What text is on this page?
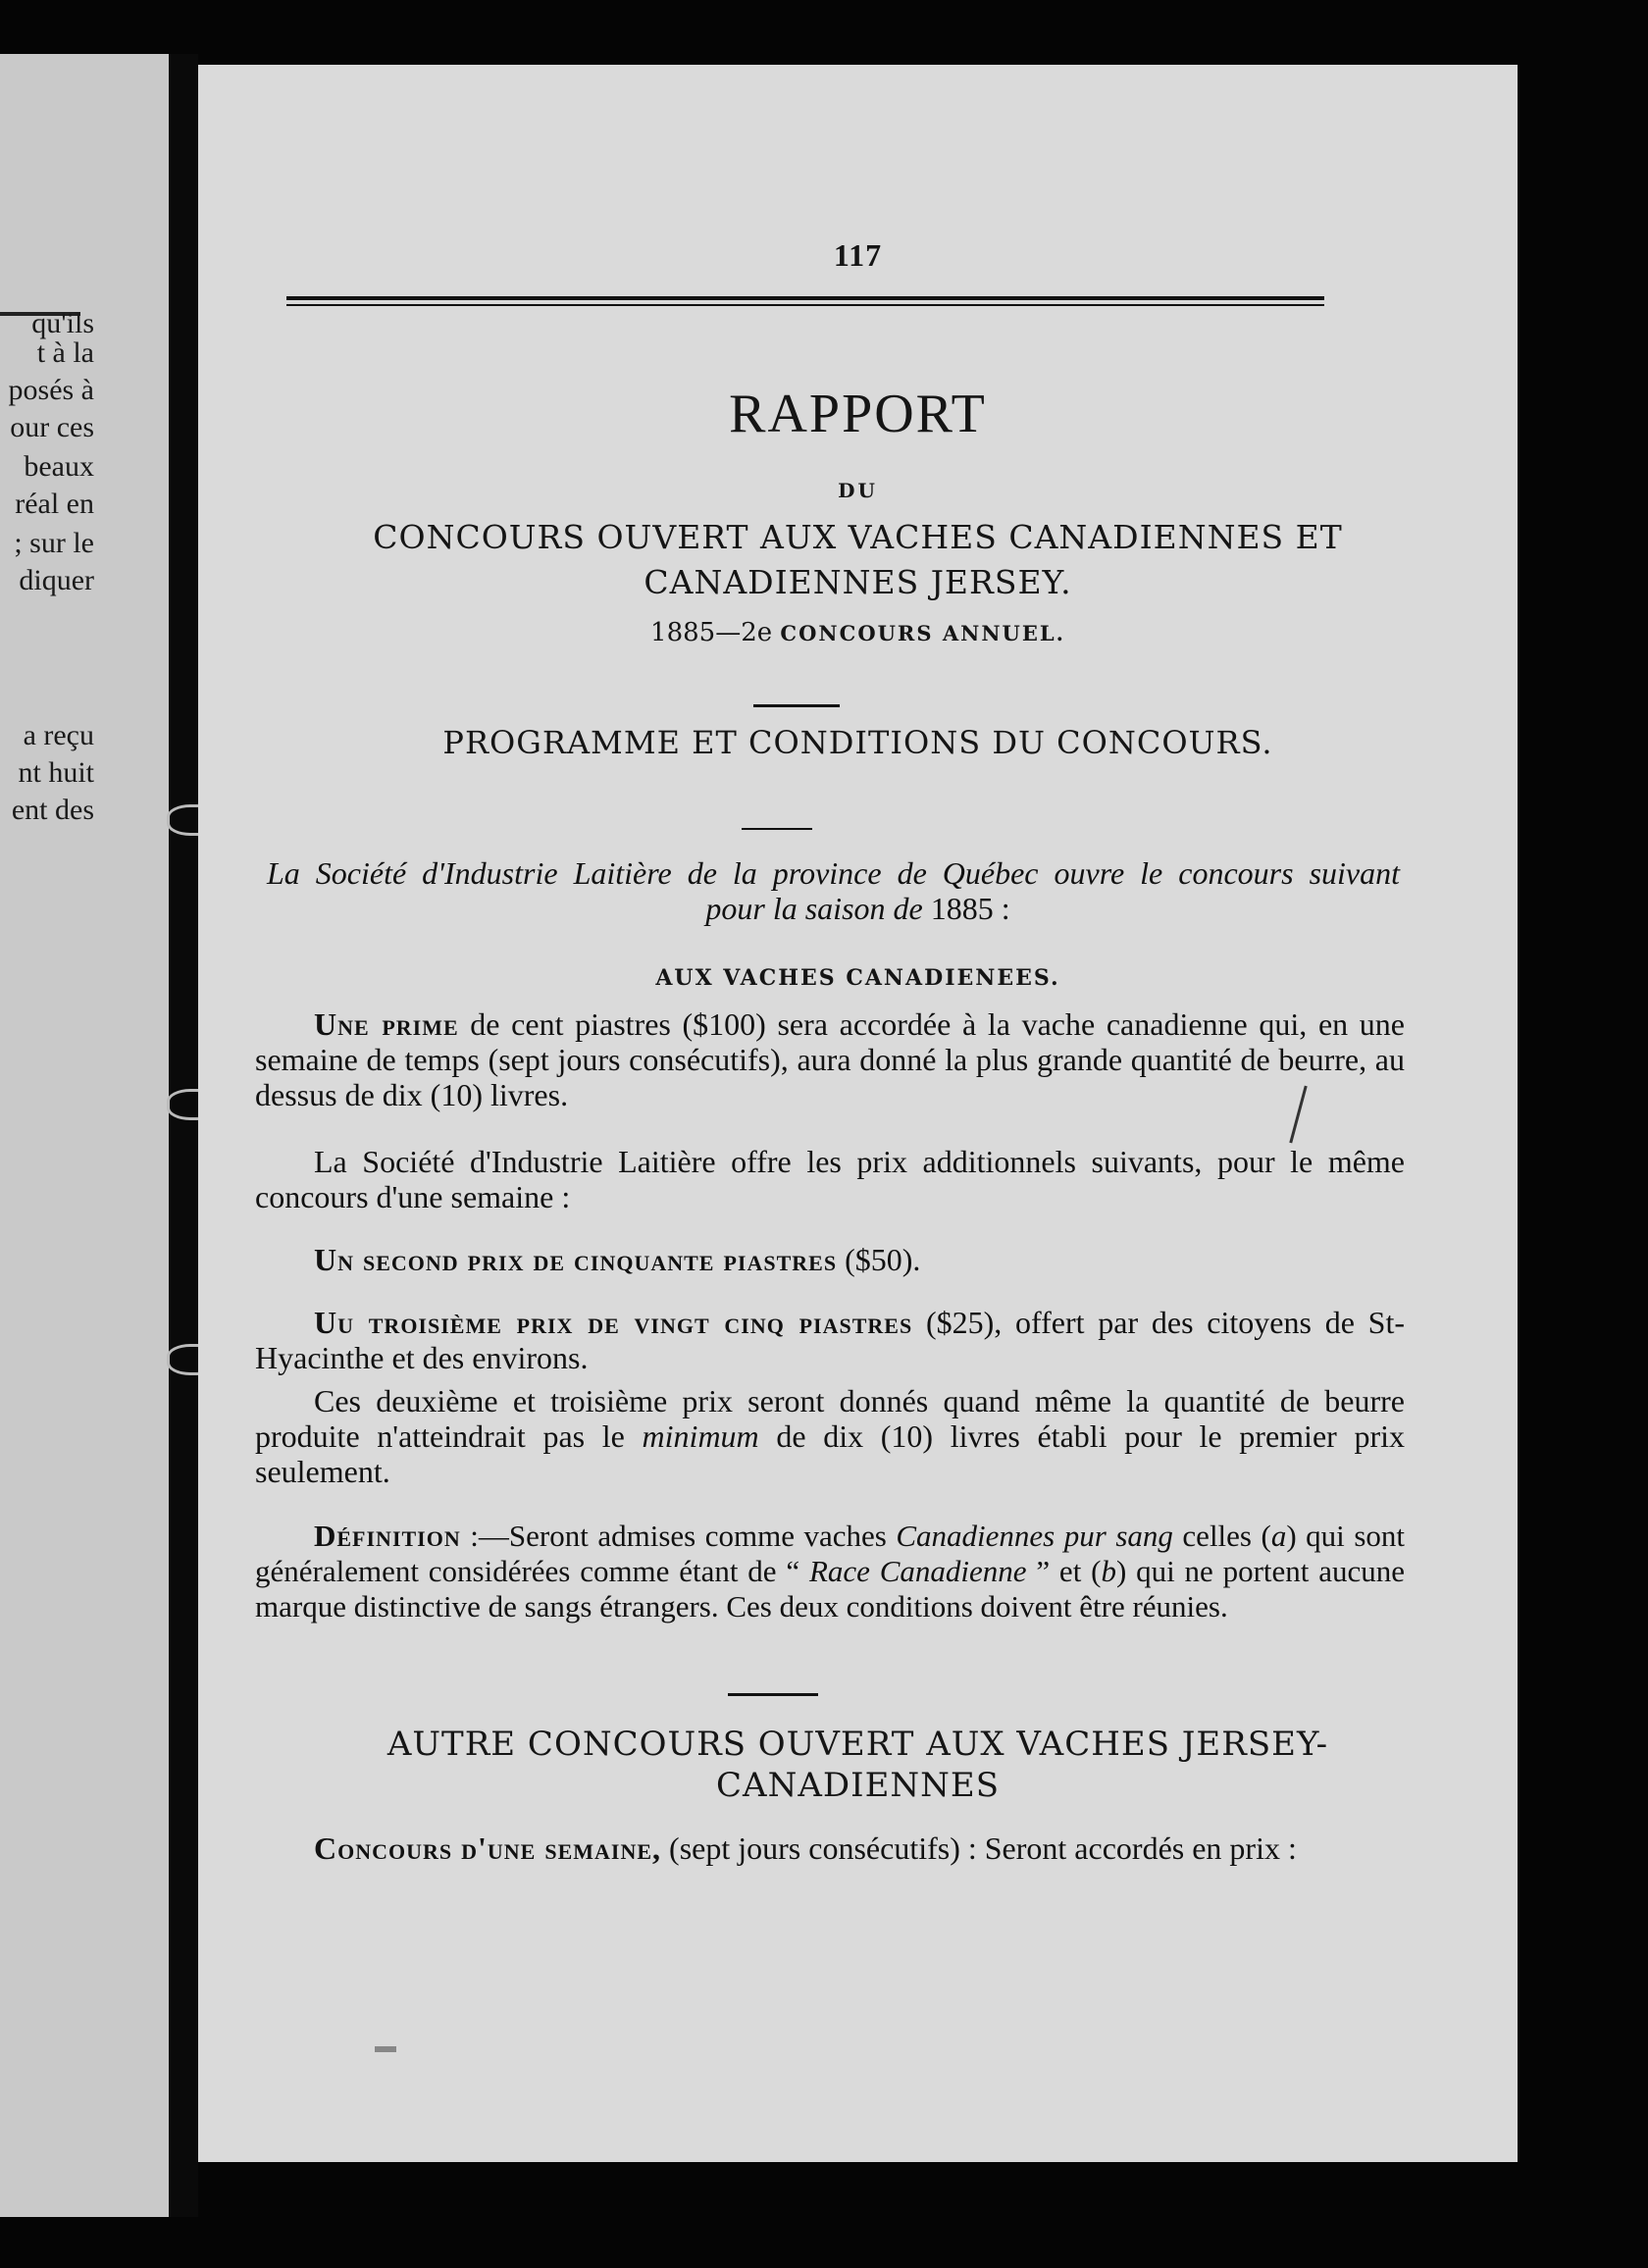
qu'ils
t à la
posés à
our ces
beaux
réal en
; sur le
diquer
a reçu
nt huit
ent des
117
RAPPORT
DU
CONCOURS OUVERT AUX VACHES CANADIENNES ET
CANADIENNES JERSEY.
1885—2e CONCOURS ANNUEL.
PROGRAMME ET CONDITIONS DU CONCOURS.
La Société d'Industrie Laitière de la province de Québec ouvre le concours suivant
pour la saison de 1885 :
AUX VACHES CANADIENEES.
Une prime de cent piastres ($100) sera accordée à la vache canadienne qui, en une semaine de temps (sept jours consécutifs), aura donné la plus grande quantité de beurre, au dessus de dix (10) livres.
La Société d'Industrie Laitière offre les prix additionnels suivants, pour le même concours d'une semaine :
Un second prix de cinquante piastres ($50).
Uu troisième prix de vingt cinq piastres ($25), offert par des citoyens de St-Hyacinthe et des environs.
Ces deuxième et troisième prix seront donnés quand même la quantité de beurre produite n'atteindrait pas le minimum de dix (10) livres établi pour le premier prix seulement.
Définition :—Seront admises comme vaches Canadiennes pur sang celles (a) qui sont généralement considérées comme étant de “ Race Canadienne ” et (b) qui ne portent aucune marque distinctive de sangs étrangers. Ces deux conditions doivent être réunies.
AUTRE CONCOURS OUVERT AUX VACHES JERSEY-
CANADIENNES
Concours d'une semaine, (sept jours consécutifs) : Seront accordés en prix :
